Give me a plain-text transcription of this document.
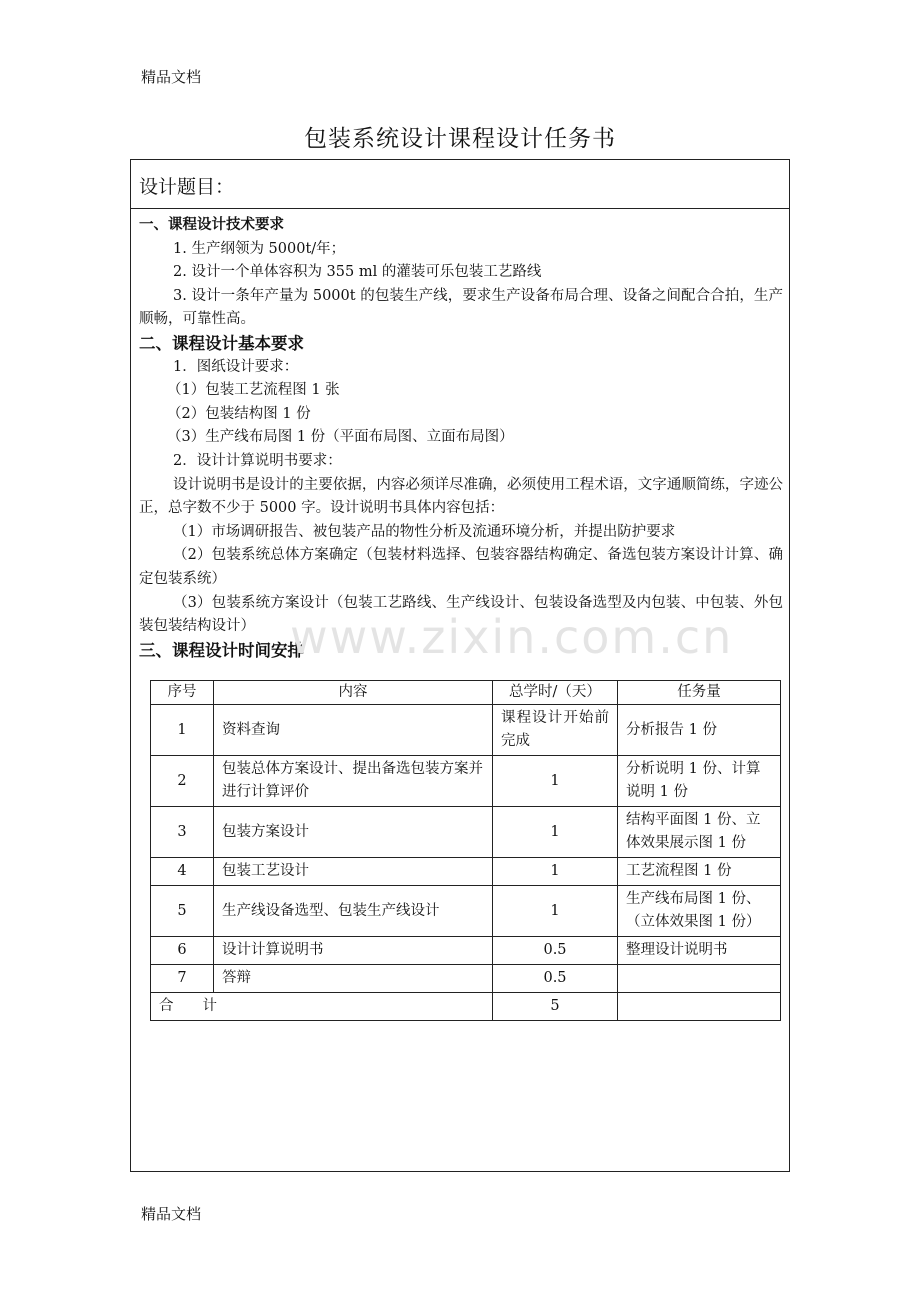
精品文档
包装系统设计课程设计任务书
设计题目：
一、课程设计技术要求
1. 生产纲领为 5000t/年；
2. 设计一个单体容积为 355 ml 的灌装可乐包装工艺路线
3. 设计一条年产量为 5000t 的包装生产线，要求生产设备布局合理、设备之间配合合拍，生产顺畅，可靠性高。
二、课程设计基本要求
1．图纸设计要求：
（1）包装工艺流程图 1 张
（2）包装结构图 1 份
（3）生产线布局图 1 份（平面布局图、立面布局图）
2．设计计算说明书要求：
设计说明书是设计的主要依据，内容必须详尽准确，必须使用工程术语，文字通顺简练，字迹公正，总字数不少于 5000 字。设计说明书具体内容包括：
（1）市场调研报告、被包装产品的物性分析及流通环境分析，并提出防护要求
（2）包装系统总体方案确定（包装材料选择、包装容器结构确定、备选包装方案设计计算、确定包装系统）
（3）包装系统方案设计（包装工艺路线、生产线设计、包装设备选型及内包装、中包装、外包装包装结构设计）
三、课程设计时间安排
序号	内容	总学时/（天）	任务量
1	资料查询	课程设计开始前完成	分析报告 1 份
2	包装总体方案设计、提出备选包装方案并进行计算评价	1	分析说明 1 份、计算说明 1 份
3	包装方案设计	1	结构平面图 1 份、立体效果展示图 1 份
4	包装工艺设计	1	工艺流程图 1 份
5	生产线设备选型、包装生产线设计	1	生产线布局图 1 份、（立体效果图 1 份）
6	设计计算说明书	0.5	整理设计说明书
7	答辩	0.5	
合　　计		5	
www.zixin.com.cn
精品文档
